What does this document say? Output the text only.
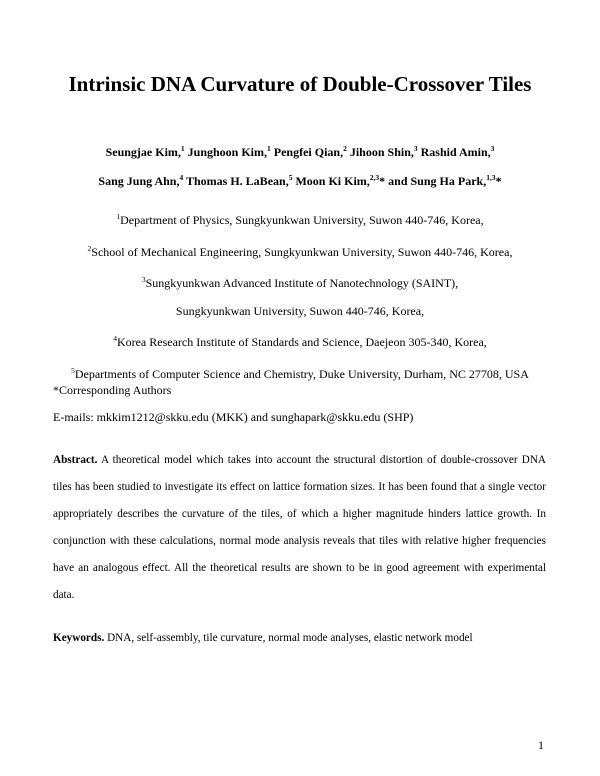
Intrinsic DNA Curvature of Double-Crossover Tiles
Seungjae Kim,$^1$ Junghoon Kim,$^1$ Pengfei Qian,$^2$ Jihoon Shin,$^3$ Rashid Amin,$^3$
Sang Jung Ahn,$^4$ Thomas H. LaBean,$^5$ Moon Ki Kim,$^{2,3}$* and Sung Ha Park,$^{1,3}$*
$^1$Department of Physics, Sungkyunkwan University, Suwon 440-746, Korea,
$^2$School of Mechanical Engineering, Sungkyunkwan University, Suwon 440-746, Korea,
$^3$Sungkyunkwan Advanced Institute of Nanotechnology (SAINT),
Sungkyunkwan University, Suwon 440-746, Korea,
$^4$Korea Research Institute of Standards and Science, Daejeon 305-340, Korea,
$^5$Departments of Computer Science and Chemistry, Duke University, Durham, NC 27708, USA
*Corresponding Authors
E-mails: mkkim1212@skku.edu (MKK) and sunghapark@skku.edu (SHP)
Abstract. A theoretical model which takes into account the structural distortion of double-crossover DNA tiles has been studied to investigate its effect on lattice formation sizes. It has been found that a single vector appropriately describes the curvature of the tiles, of which a higher magnitude hinders lattice growth. In conjunction with these calculations, normal mode analysis reveals that tiles with relative higher frequencies have an analogous effect. All the theoretical results are shown to be in good agreement with experimental data.
Keywords. DNA, self-assembly, tile curvature, normal mode analyses, elastic network model
1
